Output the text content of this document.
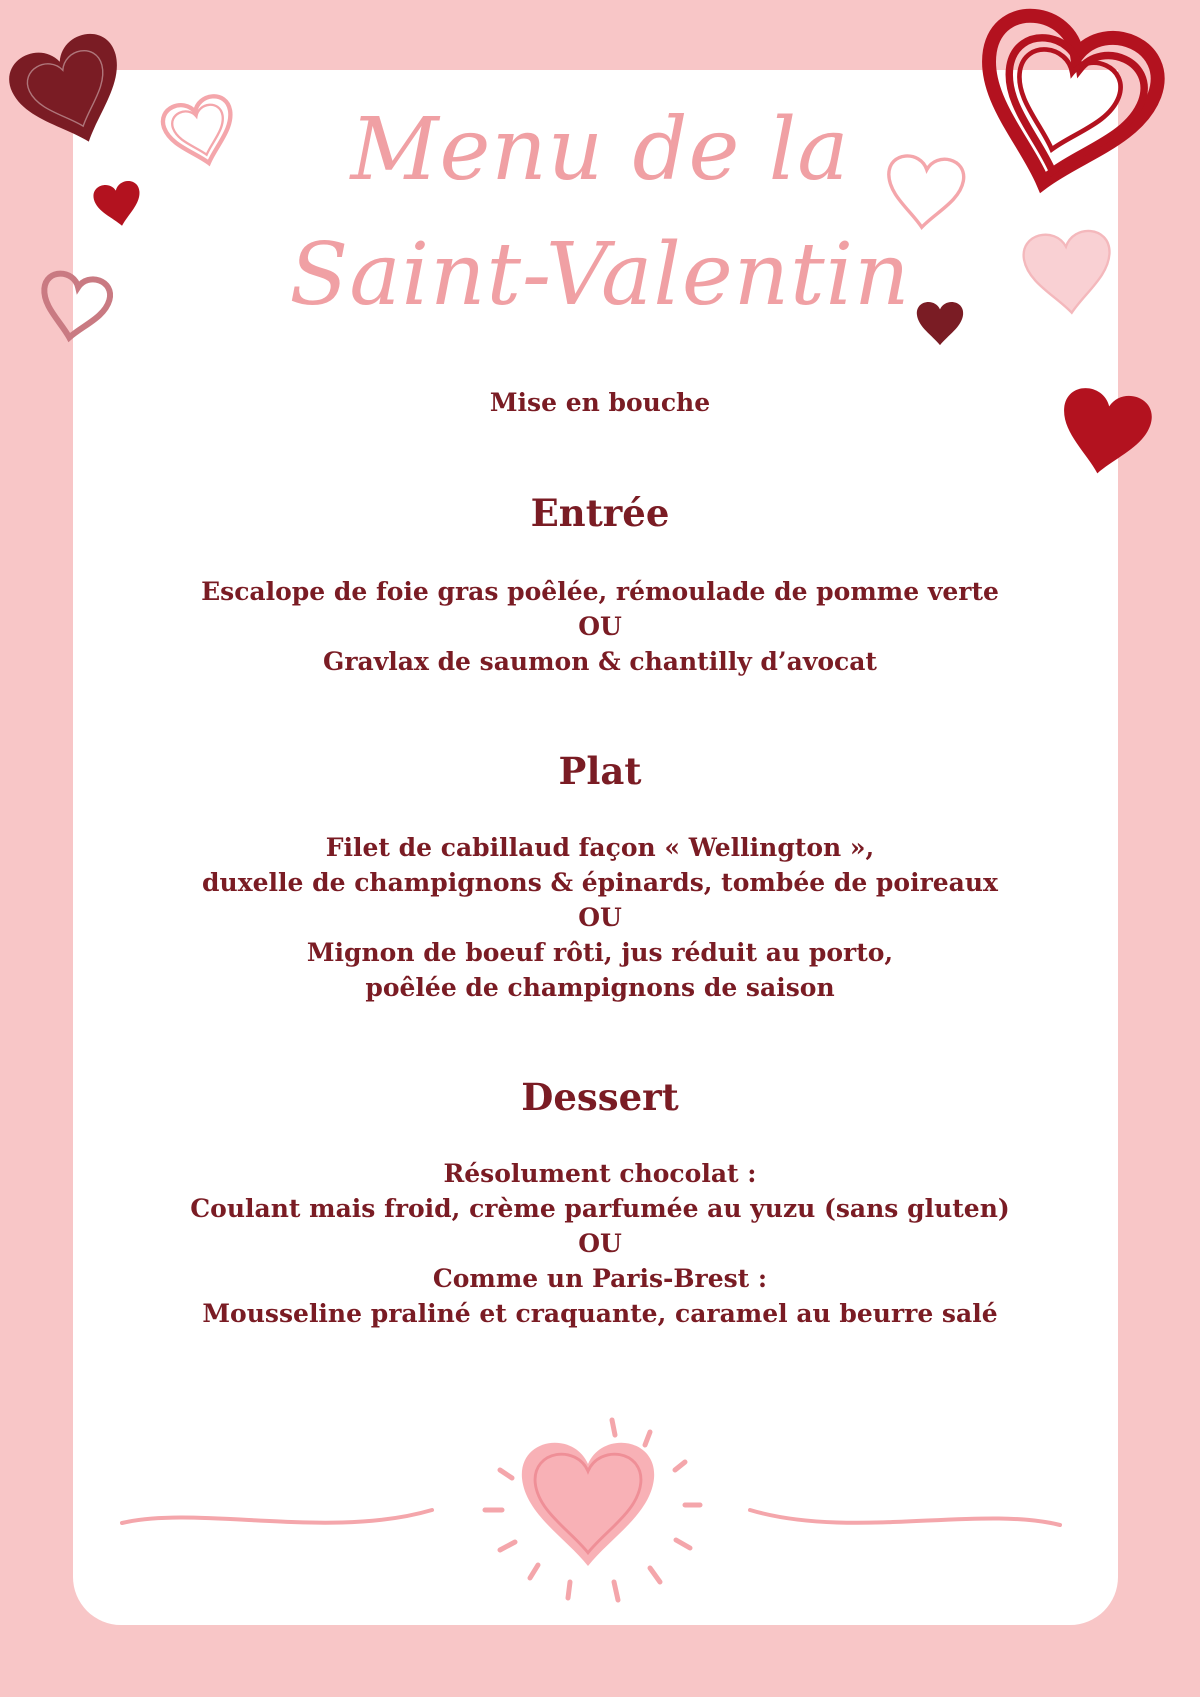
Menu de la
Saint-Valentin

Mise en bouche

Entrée

Escalope de foie gras poêlée, rémoulade de pomme verte

OU

Gravlax de saumon & chantilly d’avocat

Plat

Filet de cabillaud façon « Wellington »,

duxelle de champignons & épinards, tombée de poireaux

OU

Mignon de boeuf rôti, jus réduit au porto,

poêlée de champignons de saison

Dessert

Résolument chocolat :

Coulant mais froid, crème parfumée au yuzu (sans gluten)

OU

Comme un Paris-Brest :

Mousseline praliné et craquante, caramel au beurre salé
